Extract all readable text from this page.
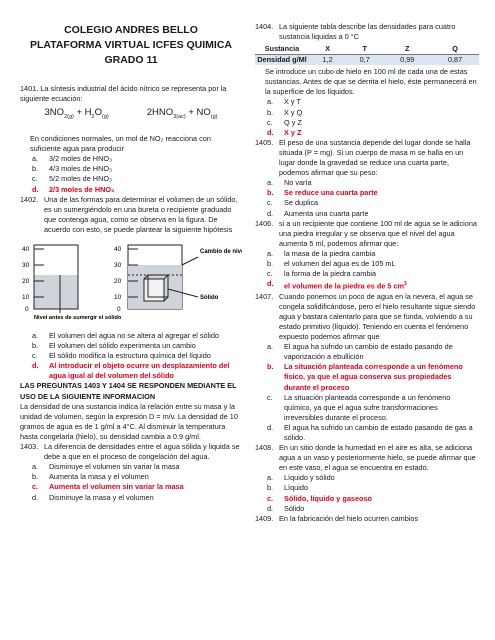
COLEGIO ANDRES BELLO
PLATAFORMA VIRTUAL ICFES QUIMICA
GRADO 11

1401. La síntesis industrial del ácido nítrico se representa por la siguiente ecuación:

$3NO_{2(g)} + H_2O_{(g)}$	$2HNO_{3(ac)} + NO_{(g)}$

En condiciones normales, un mol de NO₂ reacciona con suficiente agua para producir

a.	3/2 moles de HNO₃
b.	4/3 moles de HNO₃
c.	5/2 moles de HNO₃
d.	2/3 moles de HNO₃
1402. Una de las formas para determinar el volumen de un sólido, es un sumergiéndolo en una bureta o recipiente graduado que contenga agua, como se observa en la figura. De acuerdo con esto, se puede plantear la siguiente hipótesis
40
30
20
10
0
40
30
20
10
0
Nivel antes de sumergir el sólido
Cambio de nivel
Sólido
a.	El volumen del agua no se altera al agregar el sólido
b.	El volumen del sólido experimenta un cambio
c.	El sólido modifica la estructura química del líquido
d.	Al introducir el objeto ocurre un desplazamiento del agua igual al del volumen del sólido

LAS PREGUNTAS 1403 Y 1404 SE RESPONDEN MEDIANTE EL USO DE LA SIGUIENTE INFORMACION

La densidad de una sustancia indica la relación entre su masa y la unidad de volumen, según la expresión D = m/v. La densidad de 10 gramos de agua es de 1 g/ml a 4°C. Al disminuir la temperatura hasta congelarla (hielo), su densidad cambia a 0.9 g/ml.

1403. La diferencia de densidades entre el agua sólida y liquida se debe a que en el proceso de congelación del agua.
a.	Disminuye el volumen sin variar la masa
b.	Aumenta la masa y el volumen
c.	Aumenta el volumen sin variar la masa
d.	Disminuye la masa y el volumen
1404. La siguiente tabla describe las densidades para cuatro sustancia liquidas a 0 °C
Sustancia	X	T	Z	Q
Densidad g/Ml	1,2	0,7	0,99	0,87

Se introduce un cubo de hielo en 100 ml de cada una de estas sustancias. Antes de que se derrita el hielo, éste permanecerá en la superficie de los líquidos.

a.	X y T
b.	X y Q
c.	Q y Z
d.	X y Z
1405. El peso de una sustancia depende del lugar donde se halla situada (P = mg). Si un cuerpo de masa m se halla en un lugar donde la gravedad se reduce una cuarta parte, podemos afirmar que su peso:
a.	No varía
b.	Se reduce una cuarta parte
c.	Se duplica
d.	Aumenta una cuarta parte
1406. si a un recipiente que contiene 100 ml de agua se le adiciona una piedra irregular y se observa que el nivel del agua aumenta 5 ml, podemos afirmar que:
a.	la masa de la piedra cambia
b.	el volumen del agua es de 105 mL
c.	la forma de la piedra cambia
d.	el volumen de la piedra es de 5 $cm^3$
1407. Cuando ponemos un poco de agua en la nevera, el agua se congela solidificándose, pero el hielo resultante sigue siendo agua y bastara calentarlo para que se funda, volviendo a su estado primitivo (líquido). Teniendo en cuenta el fenómeno expuesto podemos afirmar que
a.	El agua ha sufrido un cambio de estado pasando de vaporización a ebullición
b.	La situación planteada corresponde a un fenómeno físico, ya que el agua conserva sus propiedades durante el proceso
c.	La situación planteada corresponde a un fenómeno químico, ya que el agua sufre transformaciones irreversibles durante el proceso.
d.	El agua ha sufrido un cambio de estado pasando de gas a sólido.
1408. En un sitio donde la humedad en el aire es alta, se adiciona agua a un vaso y posteriormente hielo, se puede afirmar que en este vaso, el agua se encuentra en estado.
a.	Líquido y sólido
b.	Líquido
c.	Sólido, líquido y gaseoso
d.	Sólido
1409. En la fabricación del hielo ocurren cambios
